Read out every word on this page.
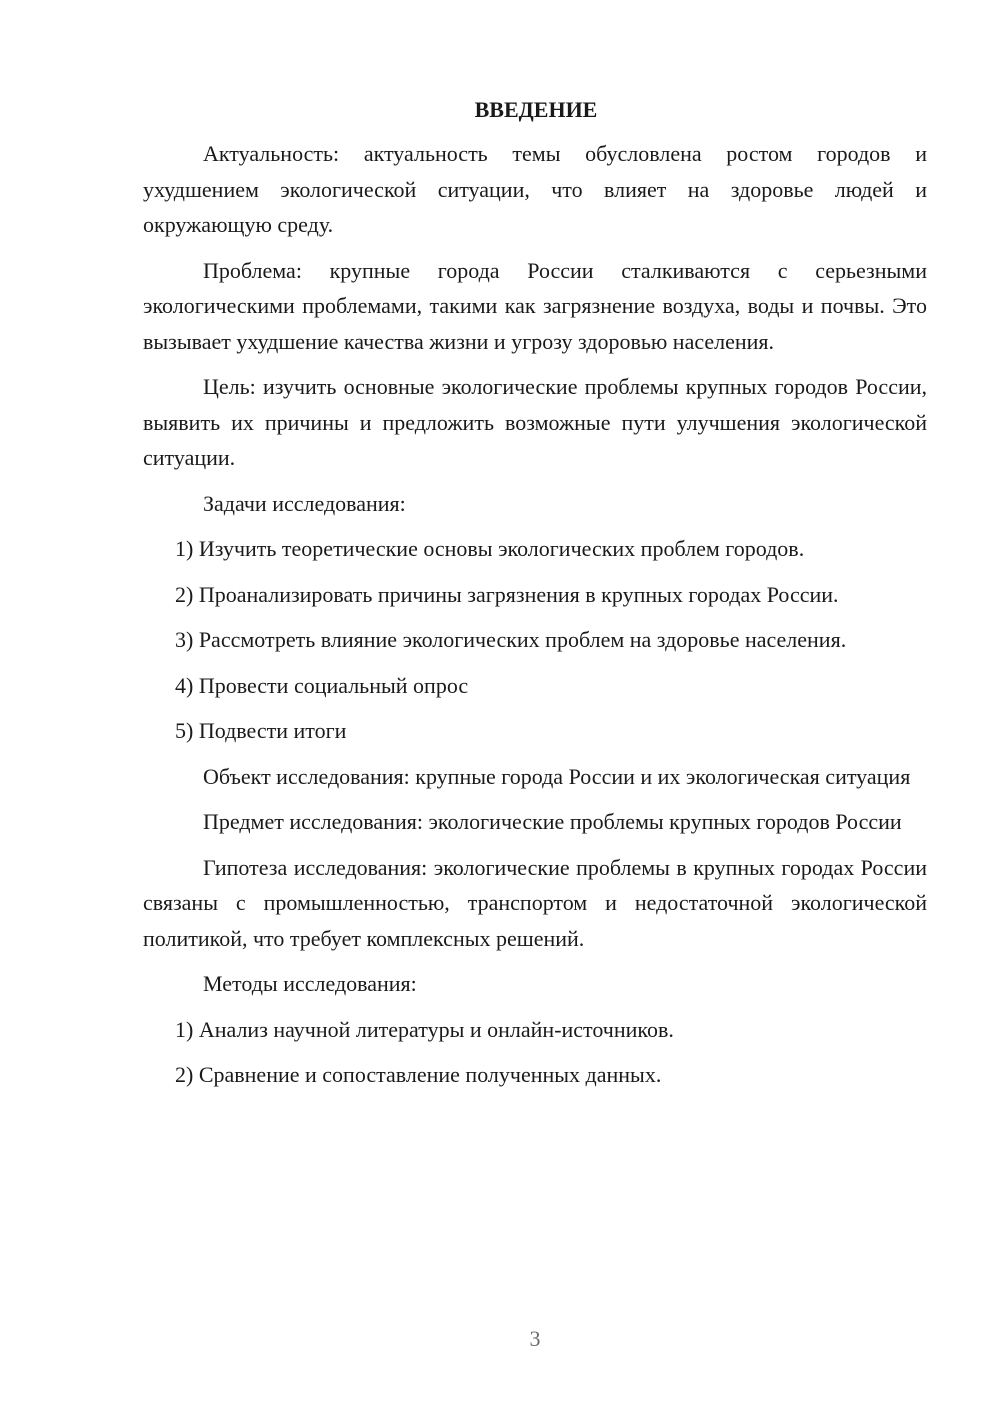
ВВЕДЕНИЕ

Актуальность: актуальность темы обусловлена ростом городов и ухудшением экологической ситуации, что влияет на здоровье людей и окружающую среду.

Проблема: крупные города России сталкиваются с серьезными экологическими проблемами, такими как загрязнение воздуха, воды и почвы. Это вызывает ухудшение качества жизни и угрозу здоровью населения.

Цель: изучить основные экологические проблемы крупных городов России, выявить их причины и предложить возможные пути улучшения экологической ситуации.

Задачи исследования:

1) Изучить теоретические основы экологических проблем городов.

2) Проанализировать причины загрязнения в крупных городах России.

3) Рассмотреть влияние экологических проблем на здоровье населения.

4) Провести социальный опрос

5) Подвести итоги

Объект исследования: крупные города России и их экологическая ситуация

Предмет исследования: экологические проблемы крупных городов России

Гипотеза исследования: экологические проблемы в крупных городах России связаны с промышленностью, транспортом и недостаточной экологической политикой, что требует комплексных решений.

Методы исследования:

1) Анализ научной литературы и онлайн-источников.

2) Сравнение и сопоставление полученных данных.

3
